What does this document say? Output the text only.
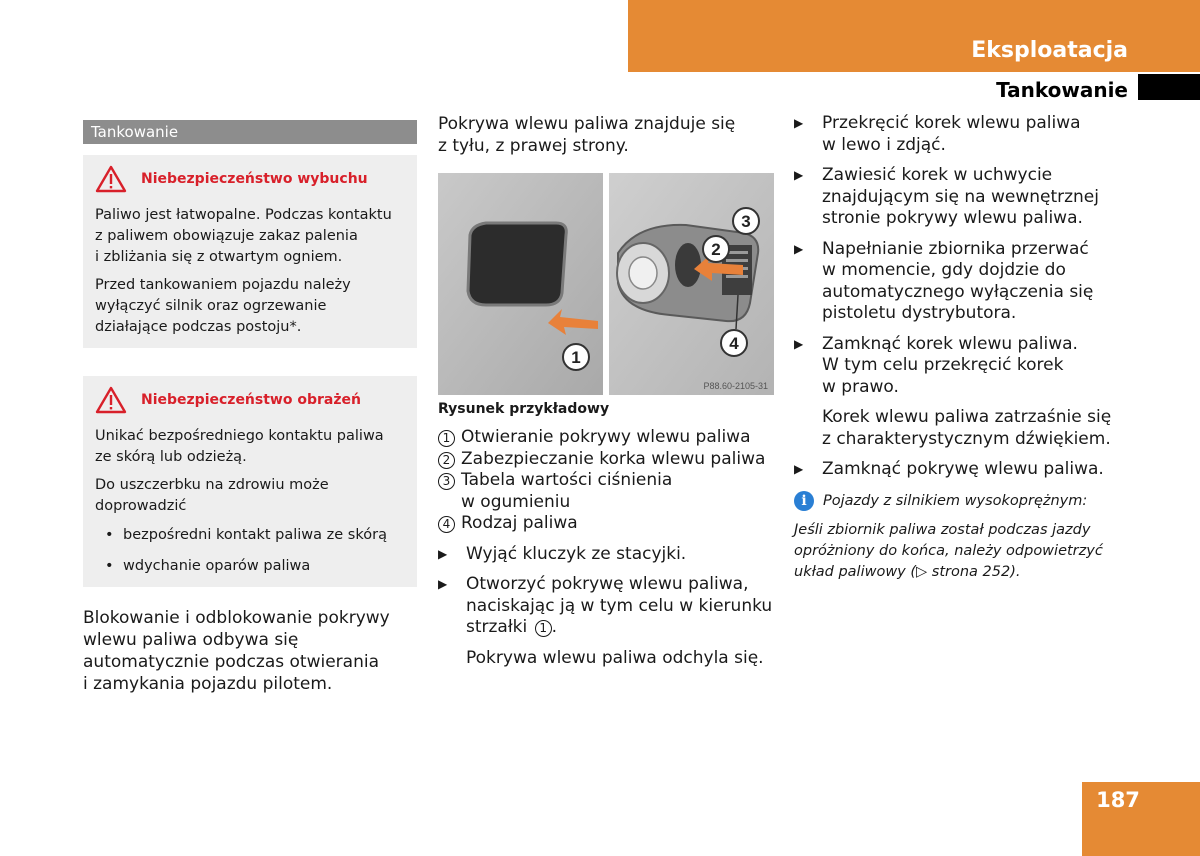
Eksploatacja
Tankowanie
Tankowanie
Niebezpieczeństwo wybuchu

Paliwo jest łatwopalne. Podczas kontaktu
z paliwem obowiązuje zakaz palenia
i zbliżania się z otwartym ogniem.

Przed tankowaniem pojazdu należy
wyłączyć silnik oraz ogrzewanie
działające podczas postoju*.

Niebezpieczeństwo obrażeń

Unikać bezpośredniego kontaktu paliwa
ze skórą lub odzieżą.

Do uszczerbku na zdrowiu może
doprowadzić

• bezpośredni kontakt paliwa ze skórą
• wdychanie oparów paliwa

Blokowanie i odblokowanie pokrywy
wlewu paliwa odbywa się
automatycznie podczas otwierania
i zamykania pojazdu pilotem.

Pokrywa wlewu paliwa znajduje się
z tyłu, z prawej strony.

1
2
3
4
P88.60-2105-31
Rysunek przykładowy
1 Otwieranie pokrywy wlewu paliwa
2 Zabezpieczanie korka wlewu paliwa
3 Tabela wartości ciśnienia
w ogumieniu
4 Rodzaj paliwa
▶	Wyjąć kluczyk ze stacyjki.
▶	Otworzyć pokrywę wlewu paliwa,
naciskając ją w tym celu w kierunku
strzałki 1 .
Pokrywa wlewu paliwa odchyla się.
▶	Przekręcić korek wlewu paliwa
w lewo i zdjąć.
▶	Zawiesić korek w uchwycie
znajdującym się na wewnętrznej
stronie pokrywy wlewu paliwa.
▶	Napełnianie zbiornika przerwać
w momencie, gdy dojdzie do
automatycznego wyłączenia się
pistoletu dystrybutora.
▶	Zamknąć korek wlewu paliwa.
W tym celu przekręcić korek
w prawo.
Korek wlewu paliwa zatrzaśnie się
z charakterystycznym dźwiękiem.
▶	Zamknąć pokrywę wlewu paliwa.
i	Pojazdy z silnikiem wysokoprężnym:

Jeśli zbiornik paliwa został podczas jazdy
opróżniony do końca, należy odpowietrzyć
układ paliwowy (▷ strona 252).

187
